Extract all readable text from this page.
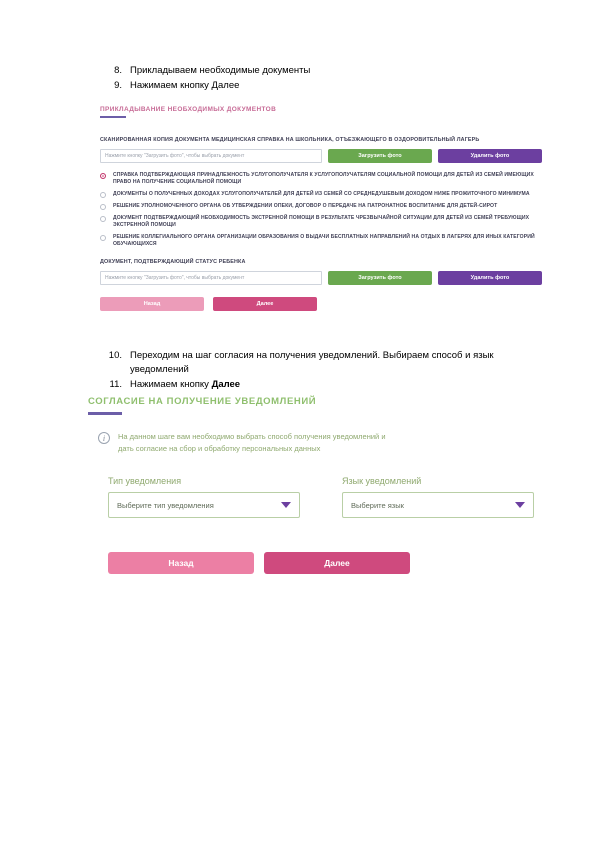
8. Прикладываем необходимые документы
9. Нажимаем кнопку Далее
ПРИКЛАДЫВАНИЕ НЕОБХОДИМЫХ ДОКУМЕНТОВ
СКАНИРОВАННАЯ КОПИЯ ДОКУМЕНТА МЕДИЦИНСКАЯ СПРАВКА НА ШКОЛЬНИКА, ОТЪЕЗЖАЮЩЕГО В ОЗДОРОВИТЕЛЬНЫЙ ЛАГЕРЬ
Нажмите кнопку "Загрузить фото", чтобы выбрать документ	Загрузить фото	Удалить фото
СПРАВКА ПОДТВЕРЖДАЮЩАЯ ПРИНАДЛЕЖНОСТЬ УСЛУГОПОЛУЧАТЕЛЯ К УСЛУГОПОЛУЧАТЕЛЯМ СОЦИАЛЬНОЙ ПОМОЩИ ДЛЯ ДЕТЕЙ ИЗ СЕМЕЙ ИМЕЮЩИХ ПРАВО НА ПОЛУЧЕНИЕ СОЦИАЛЬНОЙ ПОМОЩИ
ДОКУМЕНТЫ О ПОЛУЧЕННЫХ ДОХОДАХ УСЛУГОПОЛУЧАТЕЛЕЙ ДЛЯ ДЕТЕЙ ИЗ СЕМЕЙ СО СРЕДНЕДУШЕВЫМ ДОХОДОМ НИЖЕ ПРОЖИТОЧНОГО МИНИМУМА
РЕШЕНИЕ УПОЛНОМОЧЕННОГО ОРГАНА ОБ УТВЕРЖДЕНИИ ОПЕКИ, ДОГОВОР О ПЕРЕДАЧЕ НА ПАТРОНАТНОЕ ВОСПИТАНИЕ ДЛЯ ДЕТЕЙ-СИРОТ
ДОКУМЕНТ ПОДТВЕРЖДАЮЩИЙ НЕОБХОДИМОСТЬ ЭКСТРЕННОЙ ПОМОЩИ В РЕЗУЛЬТАТЕ ЧРЕЗВЫЧАЙНОЙ СИТУАЦИИ ДЛЯ ДЕТЕЙ ИЗ СЕМЕЙ ТРЕБУЮЩИХ ЭКСТРЕННОЙ ПОМОЩИ
РЕШЕНИЕ КОЛЛЕГИАЛЬНОГО ОРГАНА ОРГАНИЗАЦИИ ОБРАЗОВАНИЯ О ВЫДАЧИ БЕСПЛАТНЫХ НАПРАВЛЕНИЙ НА ОТДЫХ В ЛАГЕРЯХ ДЛЯ ИНЫХ КАТЕГОРИЙ ОБУЧАЮЩИХСЯ
ДОКУМЕНТ, ПОДТВЕРЖДАЮЩИЙ СТАТУС РЕБЕНКА
Нажмите кнопку "Загрузить фото", чтобы выбрать документ	Загрузить фото	Удалить фото
Назад	Далее
10. Переходим на шаг согласия на получения уведомлений. Выбираем способ и язык уведомлений
11. Нажимаем кнопку Далее
СОГЛАСИЕ НА ПОЛУЧЕНИЕ УВЕДОМЛЕНИЙ
i	На данном шаге вам необходимо выбрать способ получения уведомлений и дать согласие на сбор и обработку персональных данных
Тип уведомления
Выберите тип уведомления
Язык уведомлений
Выберите язык
Назад	Далее
